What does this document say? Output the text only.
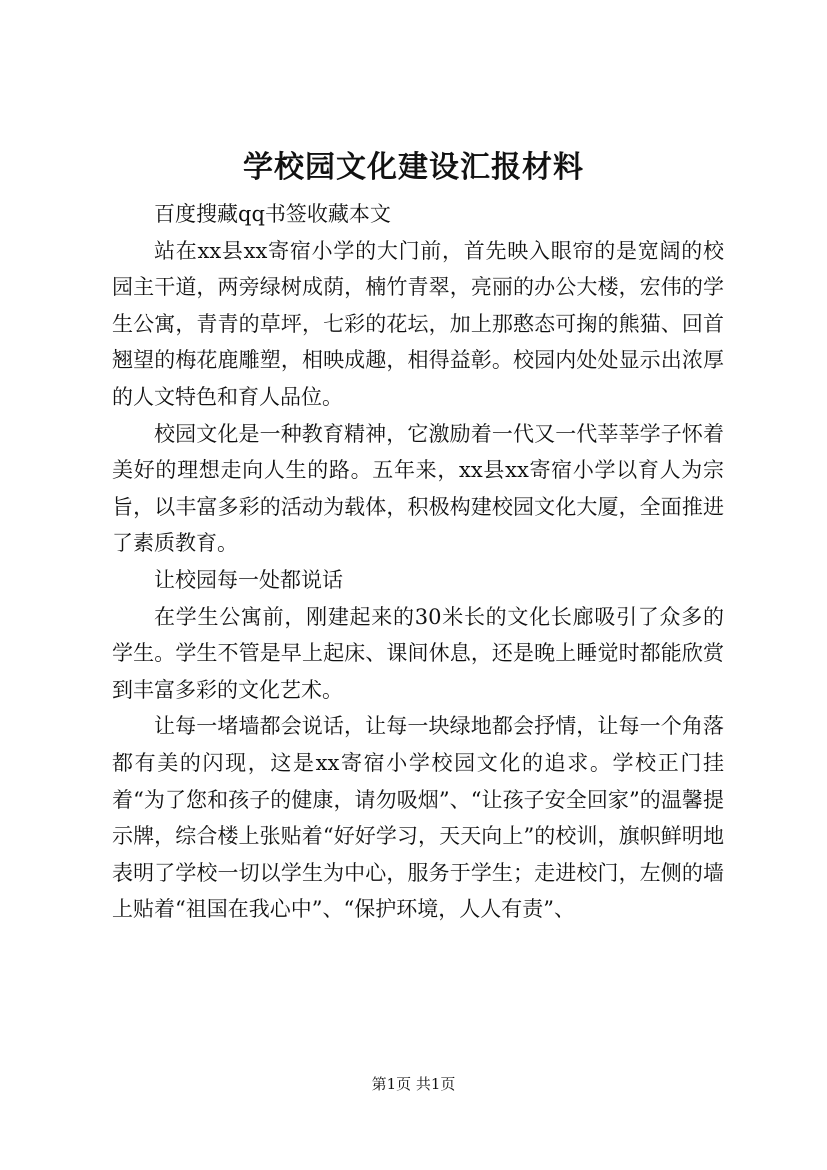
学校园文化建设汇报材料

百度搜藏qq书签收藏本文

站在xx县xx寄宿小学的大门前，首先映入眼帘的是宽阔的校园主干道，两旁绿树成荫，楠竹青翠，亮丽的办公大楼，宏伟的学生公寓，青青的草坪，七彩的花坛，加上那憨态可掬的熊猫、回首翘望的梅花鹿雕塑，相映成趣，相得益彰。校园内处处显示出浓厚的人文特色和育人品位。

校园文化是一种教育精神，它激励着一代又一代莘莘学子怀着美好的理想走向人生的路。五年来，xx县xx寄宿小学以育人为宗旨，以丰富多彩的活动为载体，积极构建校园文化大厦，全面推进了素质教育。

让校园每一处都说话

在学生公寓前，刚建起来的30米长的文化长廊吸引了众多的学生。学生不管是早上起床、课间休息，还是晚上睡觉时都能欣赏到丰富多彩的文化艺术。

让每一堵墙都会说话，让每一块绿地都会抒情，让每一个角落都有美的闪现，这是xx寄宿小学校园文化的追求。学校正门挂着“为了您和孩子的健康，请勿吸烟”、“让孩子安全回家”的温馨提示牌，综合楼上张贴着“好好学习，天天向上”的校训，旗帜鲜明地表明了学校一切以学生为中心，服务于学生；走进校门，左侧的墙上贴着“祖国在我心中”、“保护环境，人人有责”、

第1页 共1页
